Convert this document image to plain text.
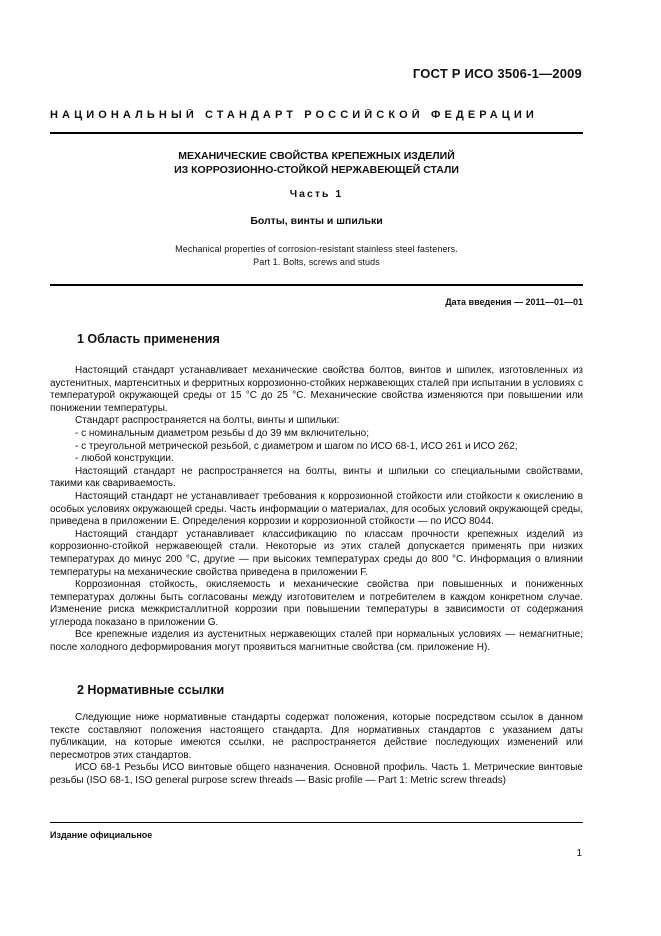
ГОСТ Р ИСО 3506-1—2009
НАЦИОНАЛЬНЫЙ СТАНДАРТ РОССИЙСКОЙ ФЕДЕРАЦИИ
МЕХАНИЧЕСКИЕ СВОЙСТВА КРЕПЕЖНЫХ ИЗДЕЛИЙ
ИЗ КОРРОЗИОННО-СТОЙКОЙ НЕРЖАВЕЮЩЕЙ СТАЛИ
Часть 1
Болты, винты и шпильки
Mechanical properties of corrosion-resistant stainless steel fasteners.
Part 1. Bolts, screws and studs
Дата введения — 2011—01—01
1 Область применения

Настоящий стандарт устанавливает механические свойства болтов, винтов и шпилек, изготовленных из аустенитных, мартенситных и ферритных коррозионно-стойких нержавеющих сталей при испытании в условиях с температурой окружающей среды от 15 °C до 25 °C. Механические свойства изменяются при повышении или понижении температуры.

Стандарт распространяется на болты, винты и шпильки:

- с номинальным диаметром резьбы d до 39 мм включительно;

- с треугольной метрической резьбой, с диаметром и шагом по ИСО 68-1, ИСО 261 и ИСО 262;

- любой конструкции.

Настоящий стандарт не распространяется на болты, винты и шпильки со специальными свойствами, такими как свариваемость.

Настоящий стандарт не устанавливает требования к коррозионной стойкости или стойкости к окислению в особых условиях окружающей среды. Часть информации о материалах, для особых условий окружающей среды, приведена в приложении E. Определения коррозии и коррозионной стойкости — по ИСО 8044.

Настоящий стандарт устанавливает классификацию по классам прочности крепежных изделий из коррозионно-стойкой нержавеющей стали. Некоторые из этих сталей допускается применять при низких температурах до минус 200 °C, другие — при высоких температурах среды до 800 °C. Информация о влиянии температуры на механические свойства приведена в приложении F.

Коррозионная стойкость, окисляемость и механические свойства при повышенных и пониженных температурах должны быть согласованы между изготовителем и потребителем в каждом конкретном случае. Изменение риска межкристаллитной коррозии при повышении температуры в зависимости от содержания углерода показано в приложении G.

Все крепежные изделия из аустенитных нержавеющих сталей при нормальных условиях — немагнитные; после холодного деформирования могут проявиться магнитные свойства (см. приложение H).

2 Нормативные ссылки

Следующие ниже нормативные стандарты содержат положения, которые посредством ссылок в данном тексте составляют положения настоящего стандарта. Для нормативных стандартов с указанием даты публикации, на которые имеются ссылки, не распространяется действие последующих изменений или пересмотров этих стандартов.

ИСО 68-1 Резьбы ИСО винтовые общего назначения. Основной профиль. Часть 1. Метрические винтовые резьбы (ISO 68-1, ISO general purpose screw threads — Basic profile — Part 1: Metric screw threads)

Издание официальное
1
